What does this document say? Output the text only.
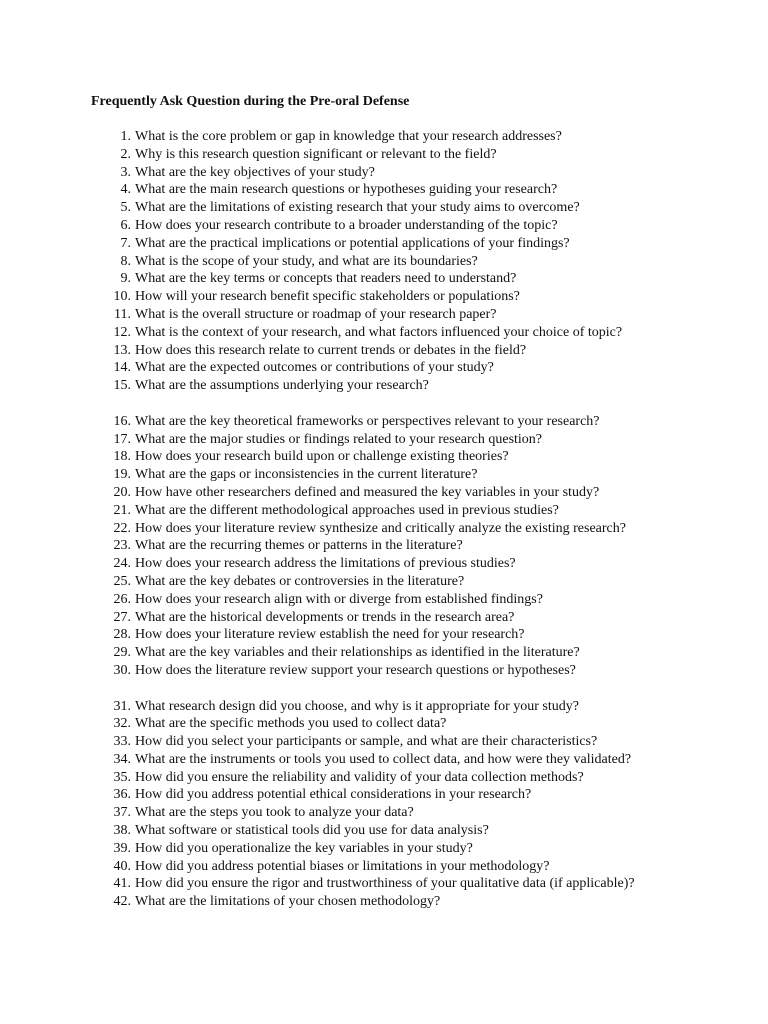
Frequently Ask Question during the Pre-oral Defense
1. What is the core problem or gap in knowledge that your research addresses?
2. Why is this research question significant or relevant to the field?
3. What are the key objectives of your study?
4. What are the main research questions or hypotheses guiding your research?
5. What are the limitations of existing research that your study aims to overcome?
6. How does your research contribute to a broader understanding of the topic?
7. What are the practical implications or potential applications of your findings?
8. What is the scope of your study, and what are its boundaries?
9. What are the key terms or concepts that readers need to understand?
10. How will your research benefit specific stakeholders or populations?
11. What is the overall structure or roadmap of your research paper?
12. What is the context of your research, and what factors influenced your choice of topic?
13. How does this research relate to current trends or debates in the field?
14. What are the expected outcomes or contributions of your study?
15. What are the assumptions underlying your research?
16. What are the key theoretical frameworks or perspectives relevant to your research?
17. What are the major studies or findings related to your research question?
18. How does your research build upon or challenge existing theories?
19. What are the gaps or inconsistencies in the current literature?
20. How have other researchers defined and measured the key variables in your study?
21. What are the different methodological approaches used in previous studies?
22. How does your literature review synthesize and critically analyze the existing research?
23. What are the recurring themes or patterns in the literature?
24. How does your research address the limitations of previous studies?
25. What are the key debates or controversies in the literature?
26. How does your research align with or diverge from established findings?
27. What are the historical developments or trends in the research area?
28. How does your literature review establish the need for your research?
29. What are the key variables and their relationships as identified in the literature?
30. How does the literature review support your research questions or hypotheses?
31. What research design did you choose, and why is it appropriate for your study?
32. What are the specific methods you used to collect data?
33. How did you select your participants or sample, and what are their characteristics?
34. What are the instruments or tools you used to collect data, and how were they validated?
35. How did you ensure the reliability and validity of your data collection methods?
36. How did you address potential ethical considerations in your research?
37. What are the steps you took to analyze your data?
38. What software or statistical tools did you use for data analysis?
39. How did you operationalize the key variables in your study?
40. How did you address potential biases or limitations in your methodology?
41. How did you ensure the rigor and trustworthiness of your qualitative data (if applicable)?
42. What are the limitations of your chosen methodology?
